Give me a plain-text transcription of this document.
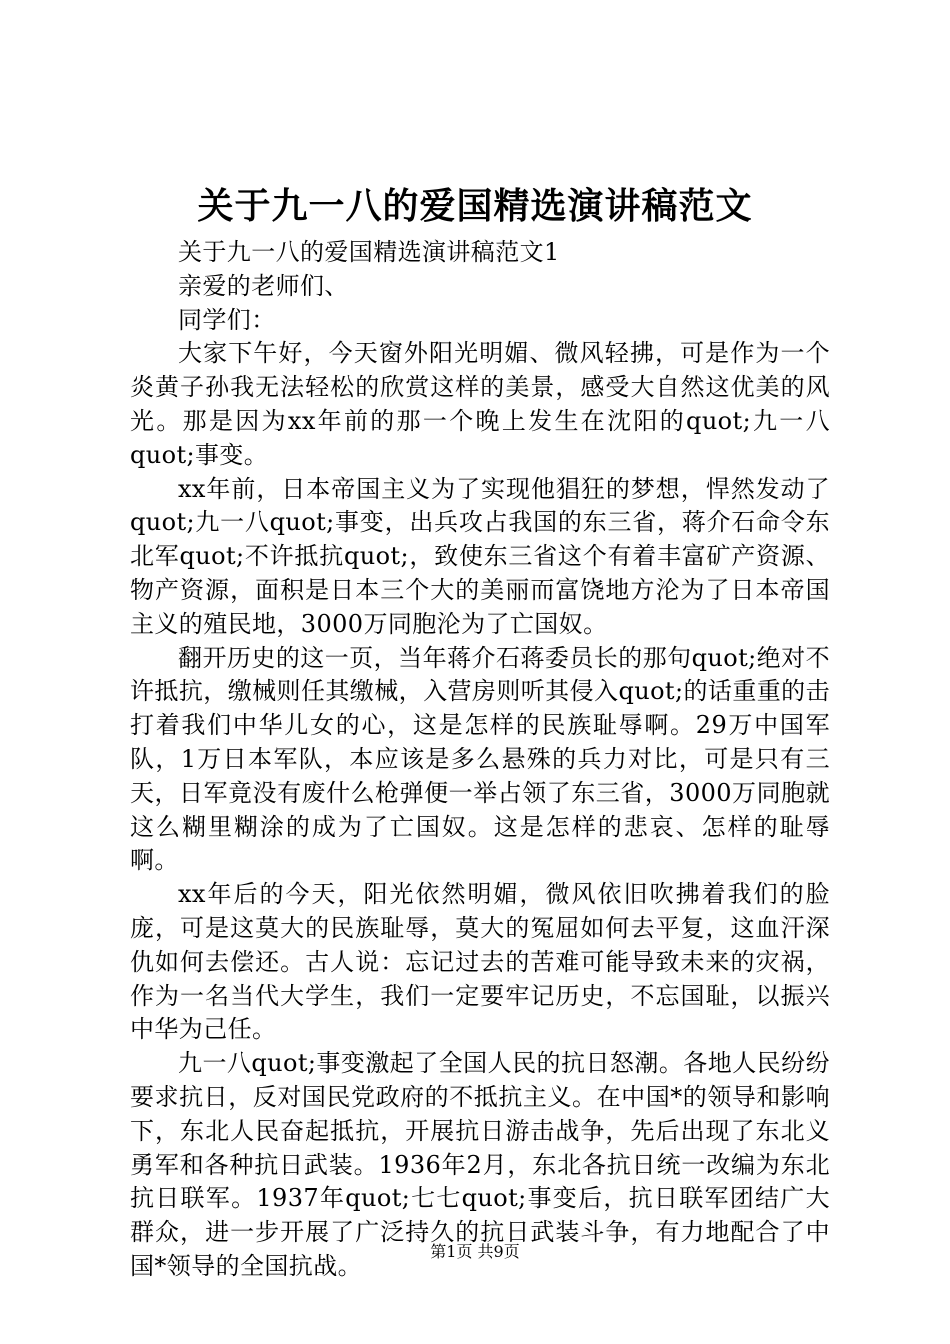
关于九一八的爱国精选演讲稿范文

关于九一八的爱国精选演讲稿范文1

亲爱的老师们、

同学们：

大家下午好，今天窗外阳光明媚、微风轻拂，可是作为一个炎黄子孙我无法轻松的欣赏这样的美景，感受大自然这优美的风光。那是因为xx年前的那一个晚上发生在沈阳的quot;九一八quot;事变。

xx年前，日本帝国主义为了实现他猖狂的梦想，悍然发动了quot;九一八quot;事变，出兵攻占我国的东三省，蒋介石命令东北军quot;不许抵抗quot;，致使东三省这个有着丰富矿产资源、物产资源，面积是日本三个大的美丽而富饶地方沦为了日本帝国主义的殖民地，3000万同胞沦为了亡国奴。

翻开历史的这一页，当年蒋介石蒋委员长的那句quot;绝对不许抵抗，缴械则任其缴械，入营房则听其侵入quot;的话重重的击打着我们中华儿女的心，这是怎样的民族耻辱啊。29万中国军队，1万日本军队，本应该是多么悬殊的兵力对比，可是只有三天，日军竟没有废什么枪弹便一举占领了东三省，3000万同胞就这么糊里糊涂的成为了亡国奴。这是怎样的悲哀、怎样的耻辱啊。

xx年后的今天，阳光依然明媚，微风依旧吹拂着我们的脸庞，可是这莫大的民族耻辱，莫大的冤屈如何去平复，这血汗深仇如何去偿还。古人说：忘记过去的苦难可能导致未来的灾祸，作为一名当代大学生，我们一定要牢记历史，不忘国耻，以振兴中华为己任。

九一八quot;事变激起了全国人民的抗日怒潮。各地人民纷纷要求抗日，反对国民党政府的不抵抗主义。在中国*的领导和影响下，东北人民奋起抵抗，开展抗日游击战争，先后出现了东北义勇军和各种抗日武装。1936年2月，东北各抗日统一改编为东北抗日联军。1937年quot;七七quot;事变后，抗日联军团结广大群众，进一步开展了广泛持久的抗日武装斗争，有力地配合了中国*领导的全国抗战。

第1页 共9页
